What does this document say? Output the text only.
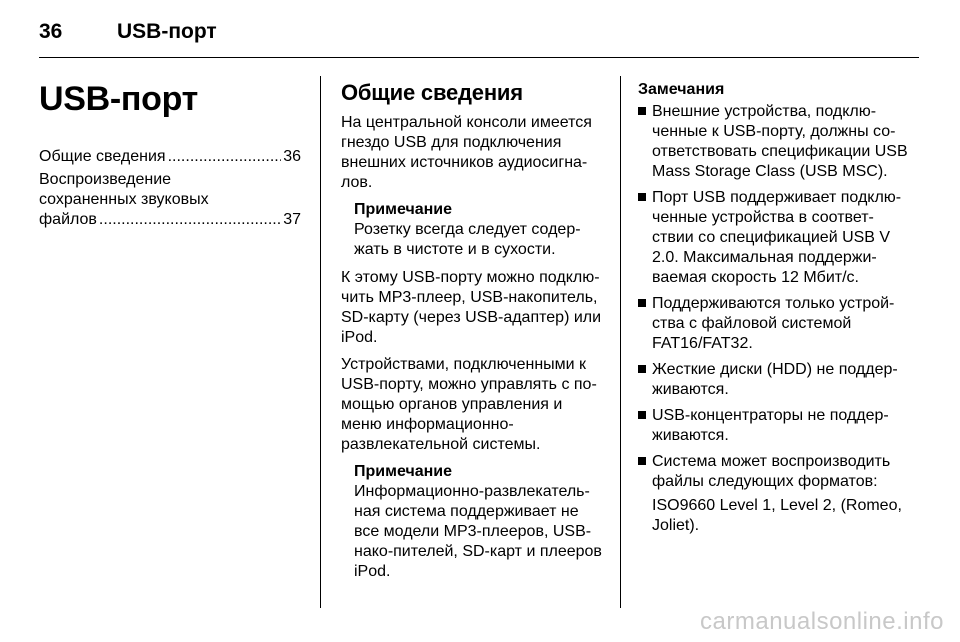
36	USB-порт
USB-порт
Общие сведения .....	36
Воспроизведение
сохраненных звуковых
файлов .....	37
Общие сведения

На центральной консоли имеется гнездо USB для подключения внешних источников аудиосигна-лов.

Примечание
Розетку всегда следует содер-жать в чистоте и в сухости.

К этому USB-порту можно подклю-чить MP3-плеер, USB-накопитель, SD-карту (через USB-адаптер) или iPod.

Устройствами, подключенными к USB-порту, можно управлять с по-мощью органов управления и меню информационно-развлекательной системы.

Примечание
Информационно-развлекатель-ная система поддерживает не все модели MP3-плееров, USB-нако-пителей, SD-карт и плееров iPod.
Замечания
Внешние устройства, подклю-ченные к USB-порту, должны со-ответствовать спецификации USB Mass Storage Class (USB MSC).
Порт USB поддерживает подклю-ченные устройства в соответ-ствии со спецификацией USB V 2.0. Максимальная поддержи-ваемая скорость 12 Мбит/с.
Поддерживаются только устрой-ства с файловой системой FAT16/FAT32.
Жесткие диски (HDD) не поддер-живаются.
USB-концентраторы не поддер-живаются.
Система может воспроизводить файлы следующих форматов:
ISO9660 Level 1, Level 2, (Romeo, Joliet).
carmanualsonline.info
